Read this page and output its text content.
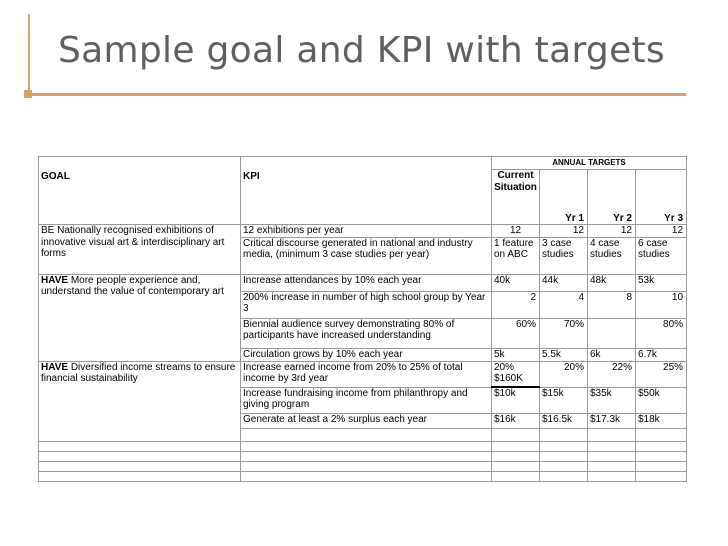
Sample goal and KPI with targets
		ANNUAL TARGETS			
GOAL	KPI	Current Situation	Yr 1	Yr 2	Yr 3
BE Nationally recognised exhibitions of innovative visual art & interdisciplinary art forms	12 exhibitions per year	12	12	12	12
	Critical discourse generated in national and industry media, (minimum 3 case studies per year)	1 feature on ABC	3 case studies	4 case studies	6 case studies
HAVE More people experience and, understand the value of contemporary art	Increase attendances by 10% each year	40k	44k	48k	53k
	200% increase in number of high school group by Year 3	2	4	8	10
	Biennial audience survey demonstrating 80% of participants have increased understanding	60%	70%		80%
	Circulation grows by 10% each year	5k	5.5k	6k	6.7k
HAVE Diversified income streams to ensure financial sustainability	Increase earned income from 20% to 25% of total income by 3rd year	20% $160K	20%	22%	25%
	Increase fundraising income from philanthropy and giving program	$10k	$15k	$35k	$50k
	Generate at least a 2% surplus each year	$16k	$16.5k	$17.3k	$18k
